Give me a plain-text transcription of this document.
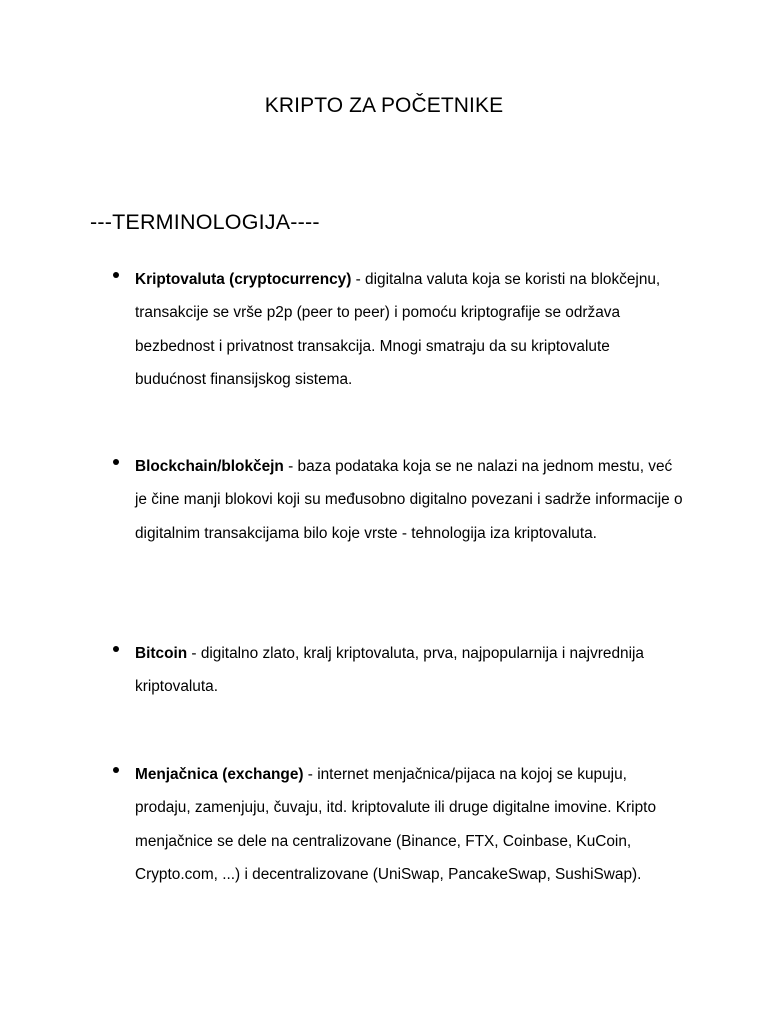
KRIPTO ZA POČETNIKE
---TERMINOLOGIJA----

Kriptovaluta (cryptocurrency) - digitalna valuta koja se koristi na blokčejnu, transakcije se vrše p2p (peer to peer) i pomoću kriptografije se održava bezbednost i privatnost transakcija. Mnogi smatraju da su kriptovalute budućnost finansijskog sistema.

Blockchain/blokčejn - baza podataka koja se ne nalazi na jednom mestu, već je čine manji blokovi koji su međusobno digitalno povezani i sadrže informacije o digitalnim transakcijama bilo koje vrste - tehnologija iza kriptovaluta.

Bitcoin - digitalno zlato, kralj kriptovaluta, prva, najpopularnija i najvrednija kriptovaluta.

Menjačnica (exchange) - internet menjačnica/pijaca na kojoj se kupuju, prodaju, zamenjuju, čuvaju, itd. kriptovalute ili druge digitalne imovine. Kripto menjačnice se dele na centralizovane (Binance, FTX, Coinbase, KuCoin, Crypto.com, ...) i decentralizovane (UniSwap, PancakeSwap, SushiSwap).
